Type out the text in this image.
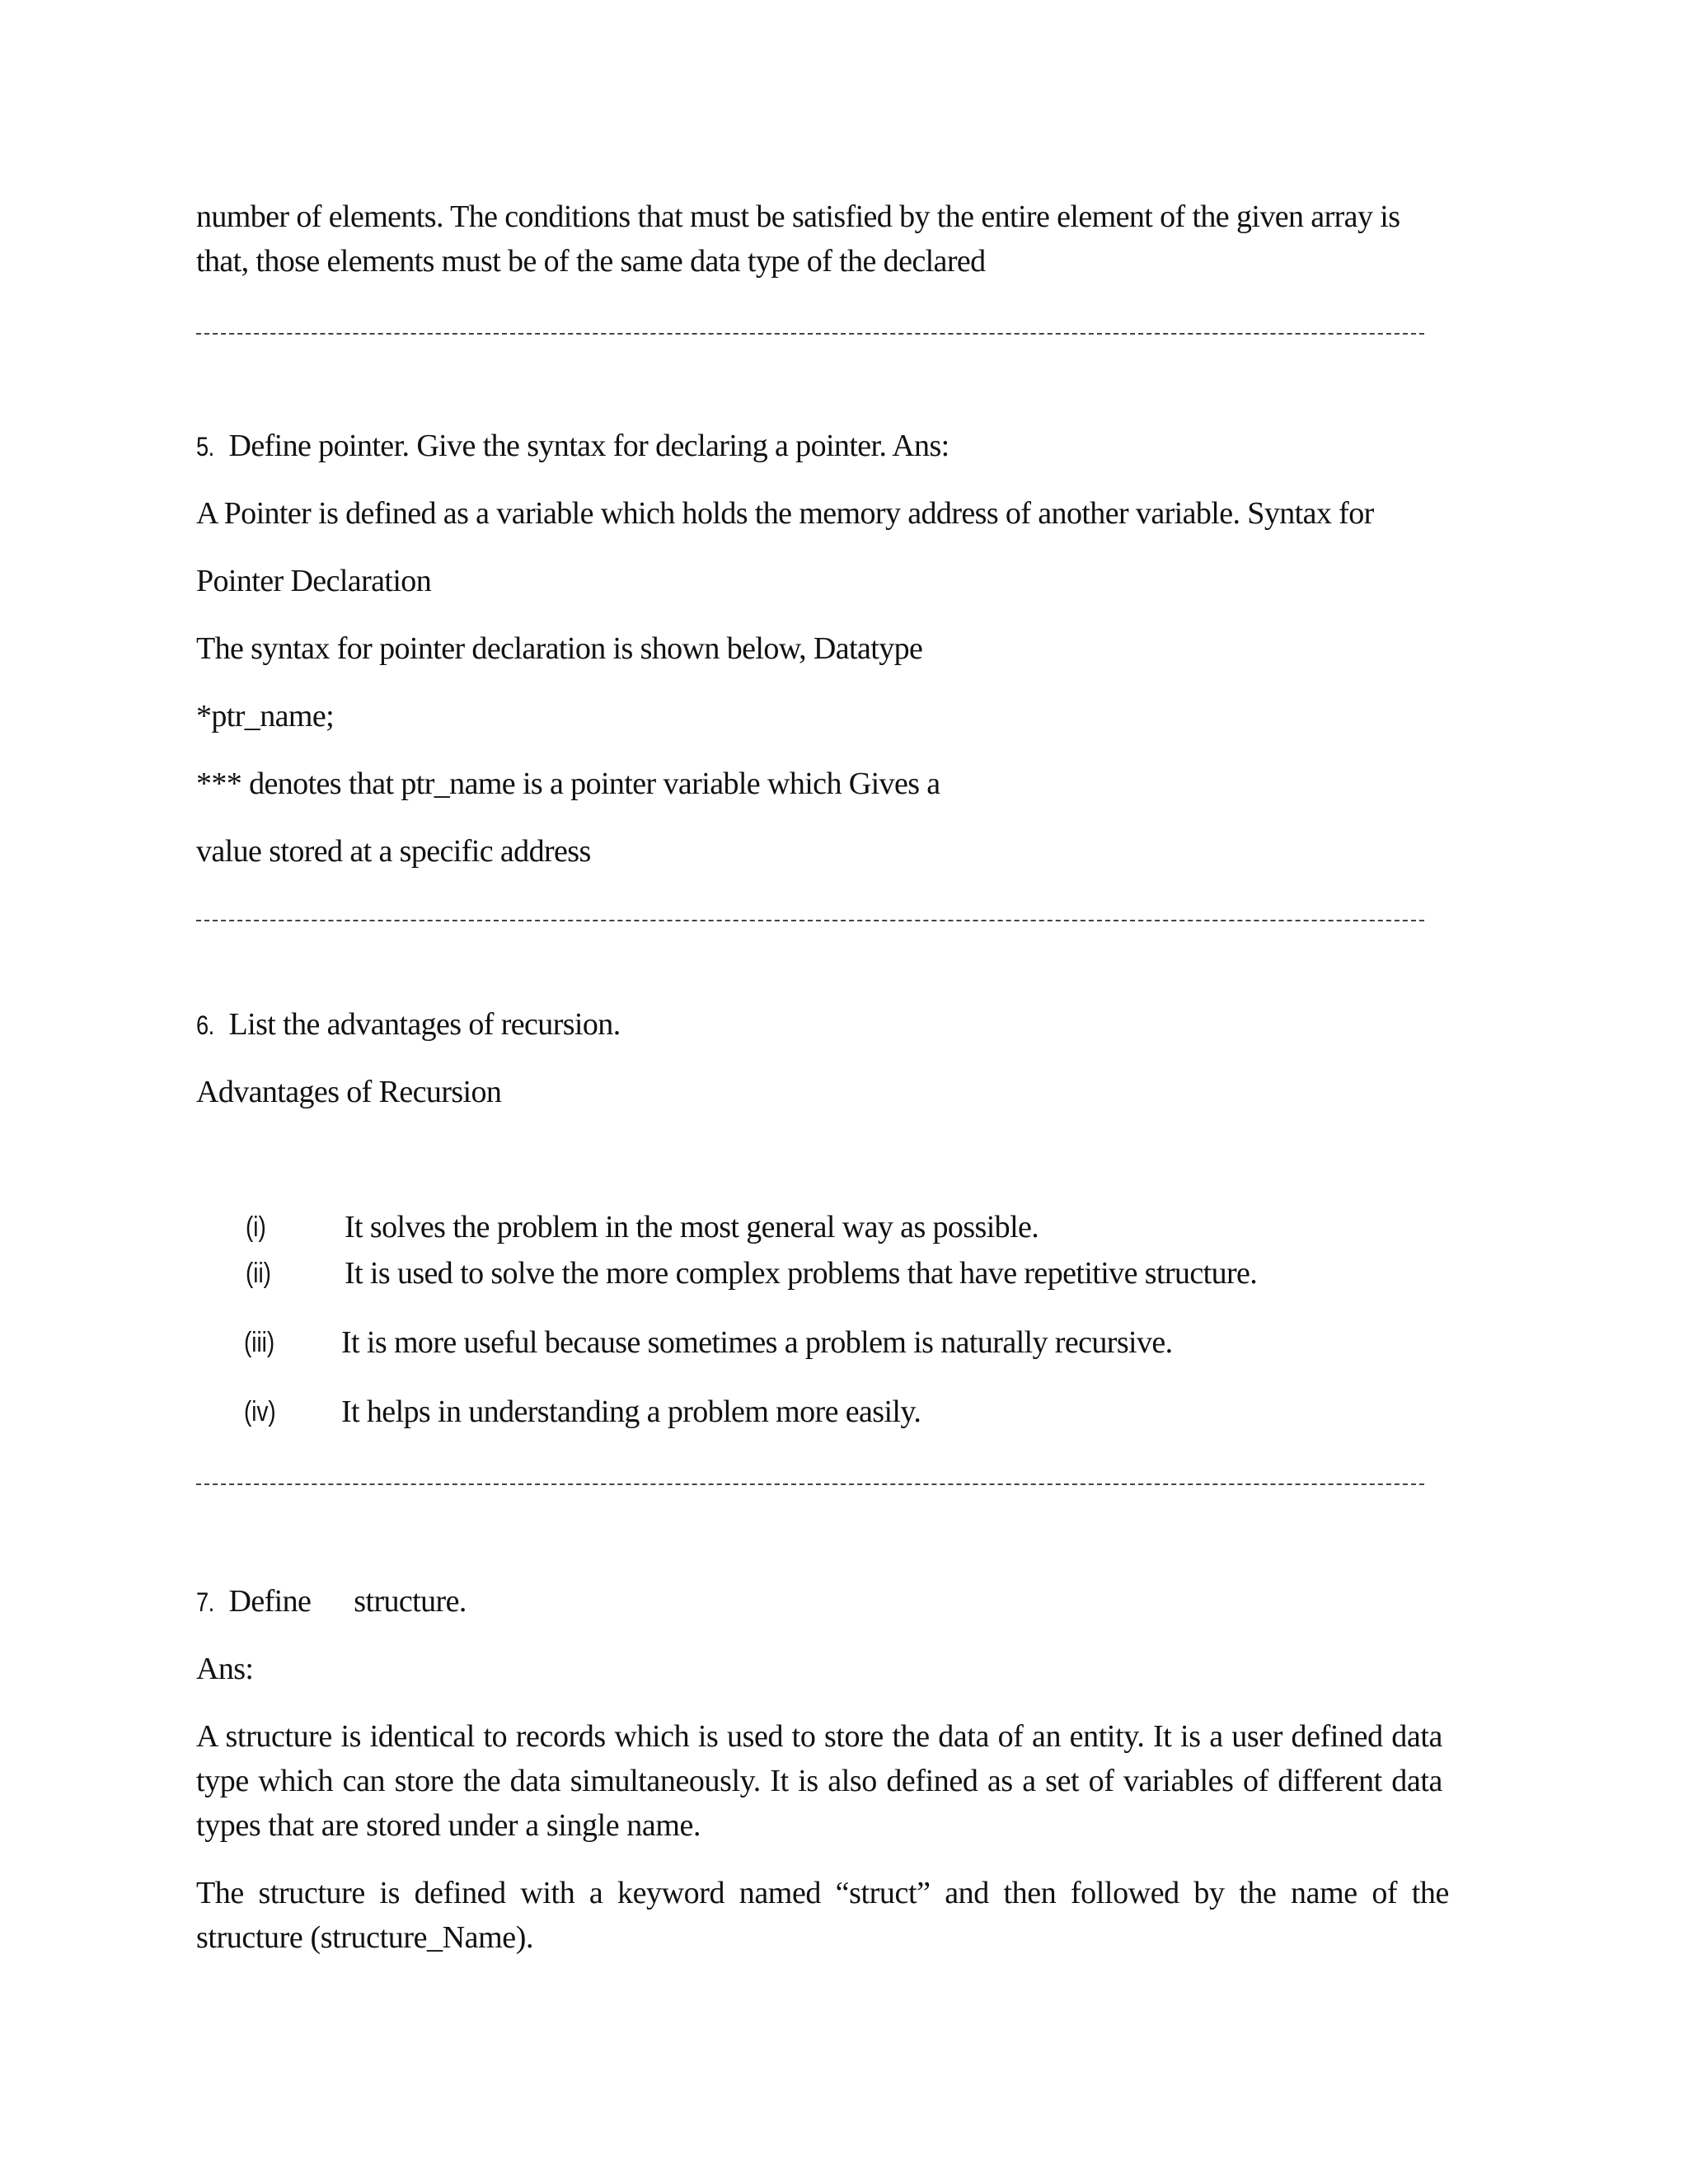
number of elements. The conditions that must be satisfied by the entire element of the given array is
that, those elements must be of the same data type of the declared
5. Define pointer. Give the syntax for declaring a pointer. Ans:
A Pointer is defined as a variable which holds the memory address of another variable. Syntax for
Pointer Declaration
The syntax for pointer declaration is shown below, Datatype
*ptr_name;
*** denotes that ptr_name is a pointer variable which Gives a
value stored at a specific address
6. List the advantages of recursion.
Advantages of Recursion
(i)	It solves the problem in the most general way as possible.
(ii) It is used to solve the more complex problems that have repetitive structure.
(iii) It is more useful because sometimes a problem is naturally recursive.
(iv) It helps in understanding a problem more easily.
7. Define structure.
Ans:
A structure is identical to records which is used to store the data of an entity. It is a user defined data type which can store the data simultaneously. It is also defined as a set of variables of different data types that are stored under a single name.
The structure is defined with a keyword named “struct” and then followed by the name of the structure (structure_Name).
